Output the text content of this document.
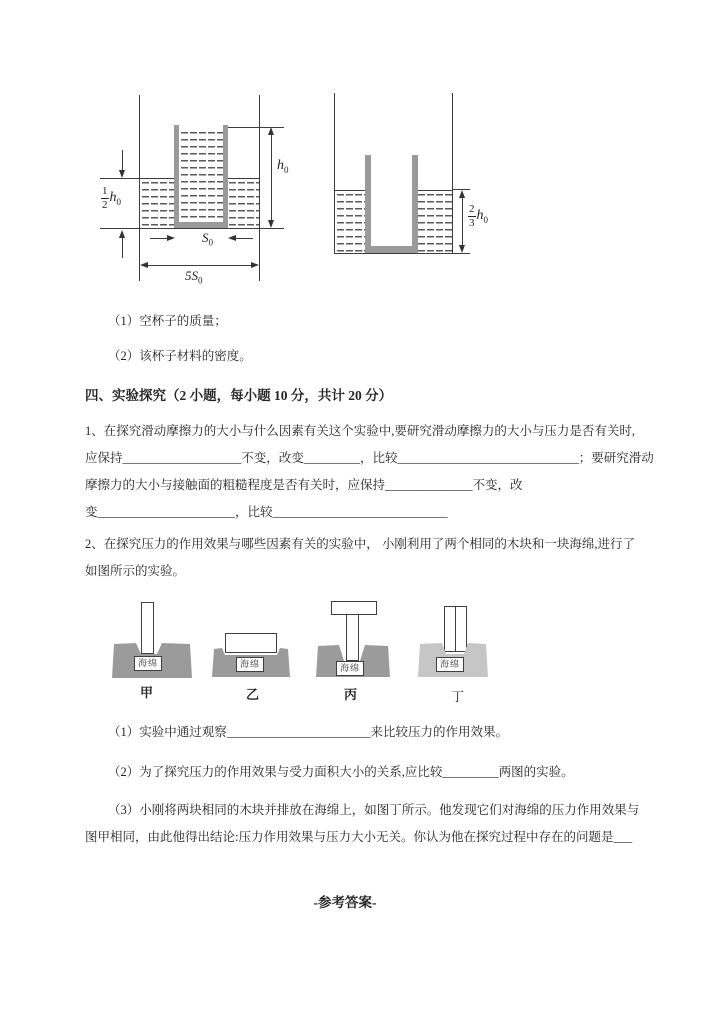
$h_0$
$\frac{1}{2} h_0$
$S_0$
$5S_0$
$\frac{2}{3} h_0$
（1）空杯子的质量；
（2）该杯子材料的密度。
四、实验探究（2 小题，每小题 10 分，共计 20 分）
1、在探究滑动摩擦力的大小与什么因素有关这个实验中,要研究滑动摩擦力的大小与压力是否有关时,
应保持___________________不变，改变_________，比较_____________________________；要研究滑动
摩擦力的大小与接触面的粗糙程度是否有关时，应保持______________不变，改
变______________________，比较____________________________
2、在探究压力的作用效果与哪些因素有关的实验中， 小刚利用了两个相同的木块和一块海绵,进行了
如图所示的实验。
海绵
甲
海绵
乙
海绵
丙
海绵
丁
（1）实验中通过观察_______________________来比较压力的作用效果。
（2）为了探究压力的作用效果与受力面积大小的关系,应比较_________两图的实验。
（3）小刚将两块相同的木块并排放在海绵上，如图丁所示。他发现它们对海绵的压力作用效果与
图甲相同，由此他得出结论:压力作用效果与压力大小无关。你认为他在探究过程中存在的问题是___
-参考答案-
